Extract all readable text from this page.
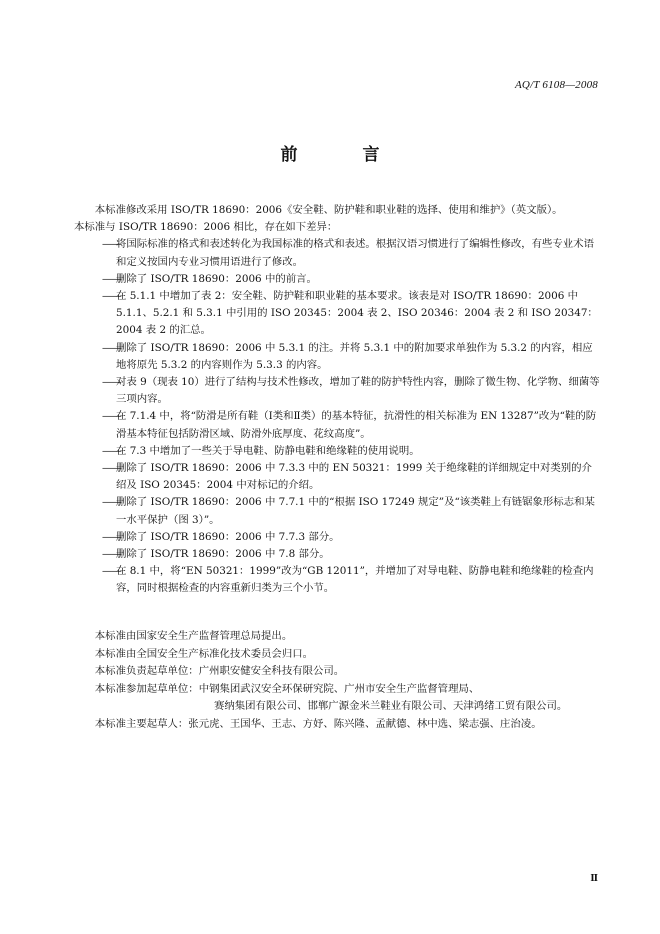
AQ/T 6108—2008
前　言

本标准修改采用 ISO/TR 18690：2006《安全鞋、防护鞋和职业鞋的选择、使用和维护》（英文版）。

本标准与 ISO/TR 18690：2006 相比，存在如下差异：

——
将国际标准的格式和表述转化为我国标准的格式和表述。根据汉语习惯进行了编辑性修改，有些专业术语和定义按国内专业习惯用语进行了修改。

——
删除了 ISO/TR 18690：2006 中的前言。

——
在 5.1.1 中增加了表 2：安全鞋、防护鞋和职业鞋的基本要求。该表是对 ISO/TR 18690：2006 中 5.1.1、5.2.1 和 5.3.1 中引用的 ISO 20345：2004 表 2、ISO 20346：2004 表 2 和 ISO 20347：2004 表 2 的汇总。

——
删除了 ISO/TR 18690：2006 中 5.3.1 的注。并将 5.3.1 中的附加要求单独作为 5.3.2 的内容，相应地将原先 5.3.2 的内容则作为 5.3.3 的内容。

——
对表 9（现表 10）进行了结构与技术性修改，增加了鞋的防护特性内容，删除了微生物、化学物、细菌等三项内容。

——
在 7.1.4 中，将“防滑是所有鞋（Ⅰ类和Ⅱ类）的基本特征，抗滑性的相关标准为 EN 13287”改为“鞋的防滑基本特征包括防滑区域、防滑外底厚度、花纹高度”。

——
在 7.3 中增加了一些关于导电鞋、防静电鞋和绝缘鞋的使用说明。

——
删除了 ISO/TR 18690：2006 中 7.3.3 中的 EN 50321：1999 关于绝缘鞋的详细规定中对类别的介绍及 ISO 20345：2004 中对标记的介绍。

——
删除了 ISO/TR 18690：2006 中 7.7.1 中的“根据 ISO 17249 规定”及“该类鞋上有链锯象形标志和某一水平保护（图 3）”。

——
删除了 ISO/TR 18690：2006 中 7.7.3 部分。

——
删除了 ISO/TR 18690：2006 中 7.8 部分。

——
在 8.1 中，将“EN 50321：1999”改为“GB 12011”，并增加了对导电鞋、防静电鞋和绝缘鞋的检查内容，同时根据检查的内容重新归类为三个小节。

本标准由国家安全生产监督管理总局提出。

本标准由全国安全生产标准化技术委员会归口。

本标准负责起草单位：广州职安健安全科技有限公司。

本标准参加起草单位：中钢集团武汉安全环保研究院、广州市安全生产监督管理局、

赛纳集团有限公司、邯郸广源金米兰鞋业有限公司、天津鸿绪工贸有限公司。

本标准主要起草人：张元虎、王国华、王志、方妤、陈兴隆、孟献德、林中选、梁志强、庄治凌。

Ⅱ
